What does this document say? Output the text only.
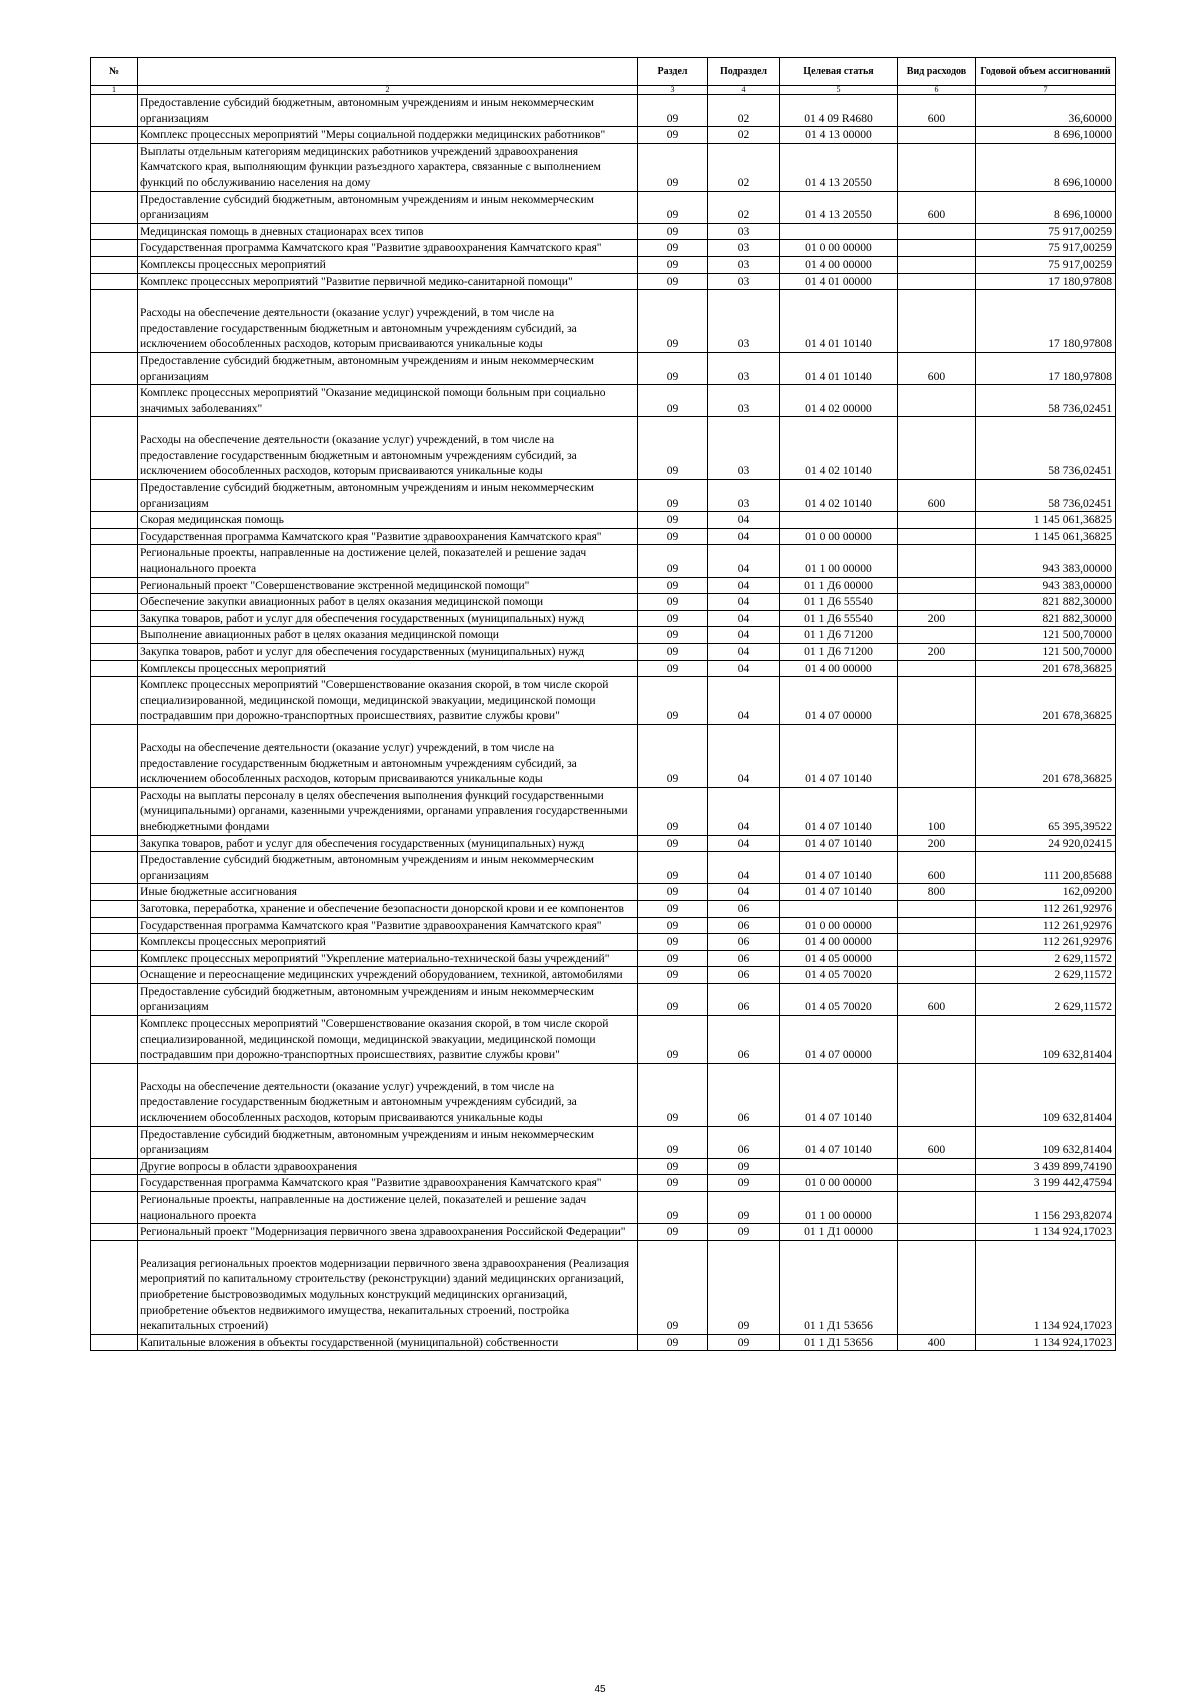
№		Раздел	Подраздел	Целевая статья	Вид расходов	Годовой объем ассигнований
1	2	3	4	5	6	7
	Предоставление субсидий бюджетным, автономным учреждениям и иным некоммерческим организациям	09	02	01 4 09 R4680	600	36,60000
	Комплекс процессных мероприятий "Меры социальной поддержки медицинских работников"	09	02	01 4 13 00000		8 696,10000
	Выплаты отдельным категориям медицинских работников учреждений здравоохранения Камчатского края, выполняющим функции разъездного характера, связанные с выполнением функций по обслуживанию населения на дому	09	02	01 4 13 20550		8 696,10000
	Предоставление субсидий бюджетным, автономным учреждениям и иным некоммерческим организациям	09	02	01 4 13 20550	600	8 696,10000
	Медицинская помощь в дневных стационарах всех типов	09	03			75 917,00259
	Государственная программа Камчатского края "Развитие здравоохранения Камчатского края"	09	03	01 0 00 00000		75 917,00259
	Комплексы процессных мероприятий	09	03	01 4 00 00000		75 917,00259
	Комплекс процессных мероприятий "Развитие первичной медико-санитарной помощи"	09	03	01 4 01 00000		17 180,97808
	Расходы на обеспечение деятельности (оказание услуг) учреждений, в том числе на предоставление государственным бюджетным и автономным учреждениям субсидий, за исключением обособленных расходов, которым присваиваются уникальные коды	09	03	01 4 01 10140		17 180,97808
	Предоставление субсидий бюджетным, автономным учреждениям и иным некоммерческим организациям	09	03	01 4 01 10140	600	17 180,97808
	Комплекс процессных мероприятий "Оказание медицинской помощи больным при социально значимых заболеваниях"	09	03	01 4 02 00000		58 736,02451
	Расходы на обеспечение деятельности (оказание услуг) учреждений, в том числе на предоставление государственным бюджетным и автономным учреждениям субсидий, за исключением обособленных расходов, которым присваиваются уникальные коды	09	03	01 4 02 10140		58 736,02451
	Предоставление субсидий бюджетным, автономным учреждениям и иным некоммерческим организациям	09	03	01 4 02 10140	600	58 736,02451
	Скорая медицинская помощь	09	04			1 145 061,36825
	Государственная программа Камчатского края "Развитие здравоохранения Камчатского края"	09	04	01 0 00 00000		1 145 061,36825
	Региональные проекты, направленные на достижение целей, показателей и решение задач национального проекта	09	04	01 1 00 00000		943 383,00000
	Региональный проект "Совершенствование экстренной медицинской помощи"	09	04	01 1 Д6 00000		943 383,00000
	Обеспечение закупки авиационных работ в целях оказания медицинской помощи	09	04	01 1 Д6 55540		821 882,30000
	Закупка товаров, работ и услуг для обеспечения государственных (муниципальных) нужд	09	04	01 1 Д6 55540	200	821 882,30000
	Выполнение авиационных работ в целях оказания медицинской помощи	09	04	01 1 Д6 71200		121 500,70000
	Закупка товаров, работ и услуг для обеспечения государственных (муниципальных) нужд	09	04	01 1 Д6 71200	200	121 500,70000
	Комплексы процессных мероприятий	09	04	01 4 00 00000		201 678,36825
	Комплекс процессных мероприятий "Совершенствование оказания скорой, в том числе скорой специализированной, медицинской помощи, медицинской эвакуации, медицинской помощи пострадавшим при дорожно-транспортных происшествиях, развитие службы крови"	09	04	01 4 07 00000		201 678,36825
	Расходы на обеспечение деятельности (оказание услуг) учреждений, в том числе на предоставление государственным бюджетным и автономным учреждениям субсидий, за исключением обособленных расходов, которым присваиваются уникальные коды	09	04	01 4 07 10140		201 678,36825
	Расходы на выплаты персоналу в целях обеспечения выполнения функций государственными (муниципальными) органами, казенными учреждениями, органами управления государственными внебюджетными фондами	09	04	01 4 07 10140	100	65 395,39522
	Закупка товаров, работ и услуг для обеспечения государственных (муниципальных) нужд	09	04	01 4 07 10140	200	24 920,02415
	Предоставление субсидий бюджетным, автономным учреждениям и иным некоммерческим организациям	09	04	01 4 07 10140	600	111 200,85688
	Иные бюджетные ассигнования	09	04	01 4 07 10140	800	162,09200
	Заготовка, переработка, хранение и обеспечение безопасности донорской крови и ее компонентов	09	06			112 261,92976
	Государственная программа Камчатского края "Развитие здравоохранения Камчатского края"	09	06	01 0 00 00000		112 261,92976
	Комплексы процессных мероприятий	09	06	01 4 00 00000		112 261,92976
	Комплекс процессных мероприятий "Укрепление материально-технической базы учреждений"	09	06	01 4 05 00000		2 629,11572
	Оснащение и переоснащение медицинских учреждений оборудованием, техникой, автомобилями	09	06	01 4 05 70020		2 629,11572
	Предоставление субсидий бюджетным, автономным учреждениям и иным некоммерческим организациям	09	06	01 4 05 70020	600	2 629,11572
	Комплекс процессных мероприятий "Совершенствование оказания скорой, в том числе скорой специализированной, медицинской помощи, медицинской эвакуации, медицинской помощи пострадавшим при дорожно-транспортных происшествиях, развитие службы крови"	09	06	01 4 07 00000		109 632,81404
	Расходы на обеспечение деятельности (оказание услуг) учреждений, в том числе на предоставление государственным бюджетным и автономным учреждениям субсидий, за исключением обособленных расходов, которым присваиваются уникальные коды	09	06	01 4 07 10140		109 632,81404
	Предоставление субсидий бюджетным, автономным учреждениям и иным некоммерческим организациям	09	06	01 4 07 10140	600	109 632,81404
	Другие вопросы в области здравоохранения	09	09			3 439 899,74190
	Государственная программа Камчатского края "Развитие здравоохранения Камчатского края"	09	09	01 0 00 00000		3 199 442,47594
	Региональные проекты, направленные на достижение целей, показателей и решение задач национального проекта	09	09	01 1 00 00000		1 156 293,82074
	Региональный проект "Модернизация первичного звена здравоохранения Российской Федерации"	09	09	01 1 Д1 00000		1 134 924,17023
	Реализация региональных проектов модернизации первичного звена здравоохранения (Реализация мероприятий по капитальному строительству (реконструкции) зданий медицинских организаций, приобретение быстровозводимых модульных конструкций медицинских организаций, приобретение объектов недвижимого имущества, некапитальных строений, постройка некапитальных строений)	09	09	01 1 Д1 53656		1 134 924,17023
	Капитальные вложения в объекты государственной (муниципальной) собственности	09	09	01 1 Д1 53656	400	1 134 924,17023
45
